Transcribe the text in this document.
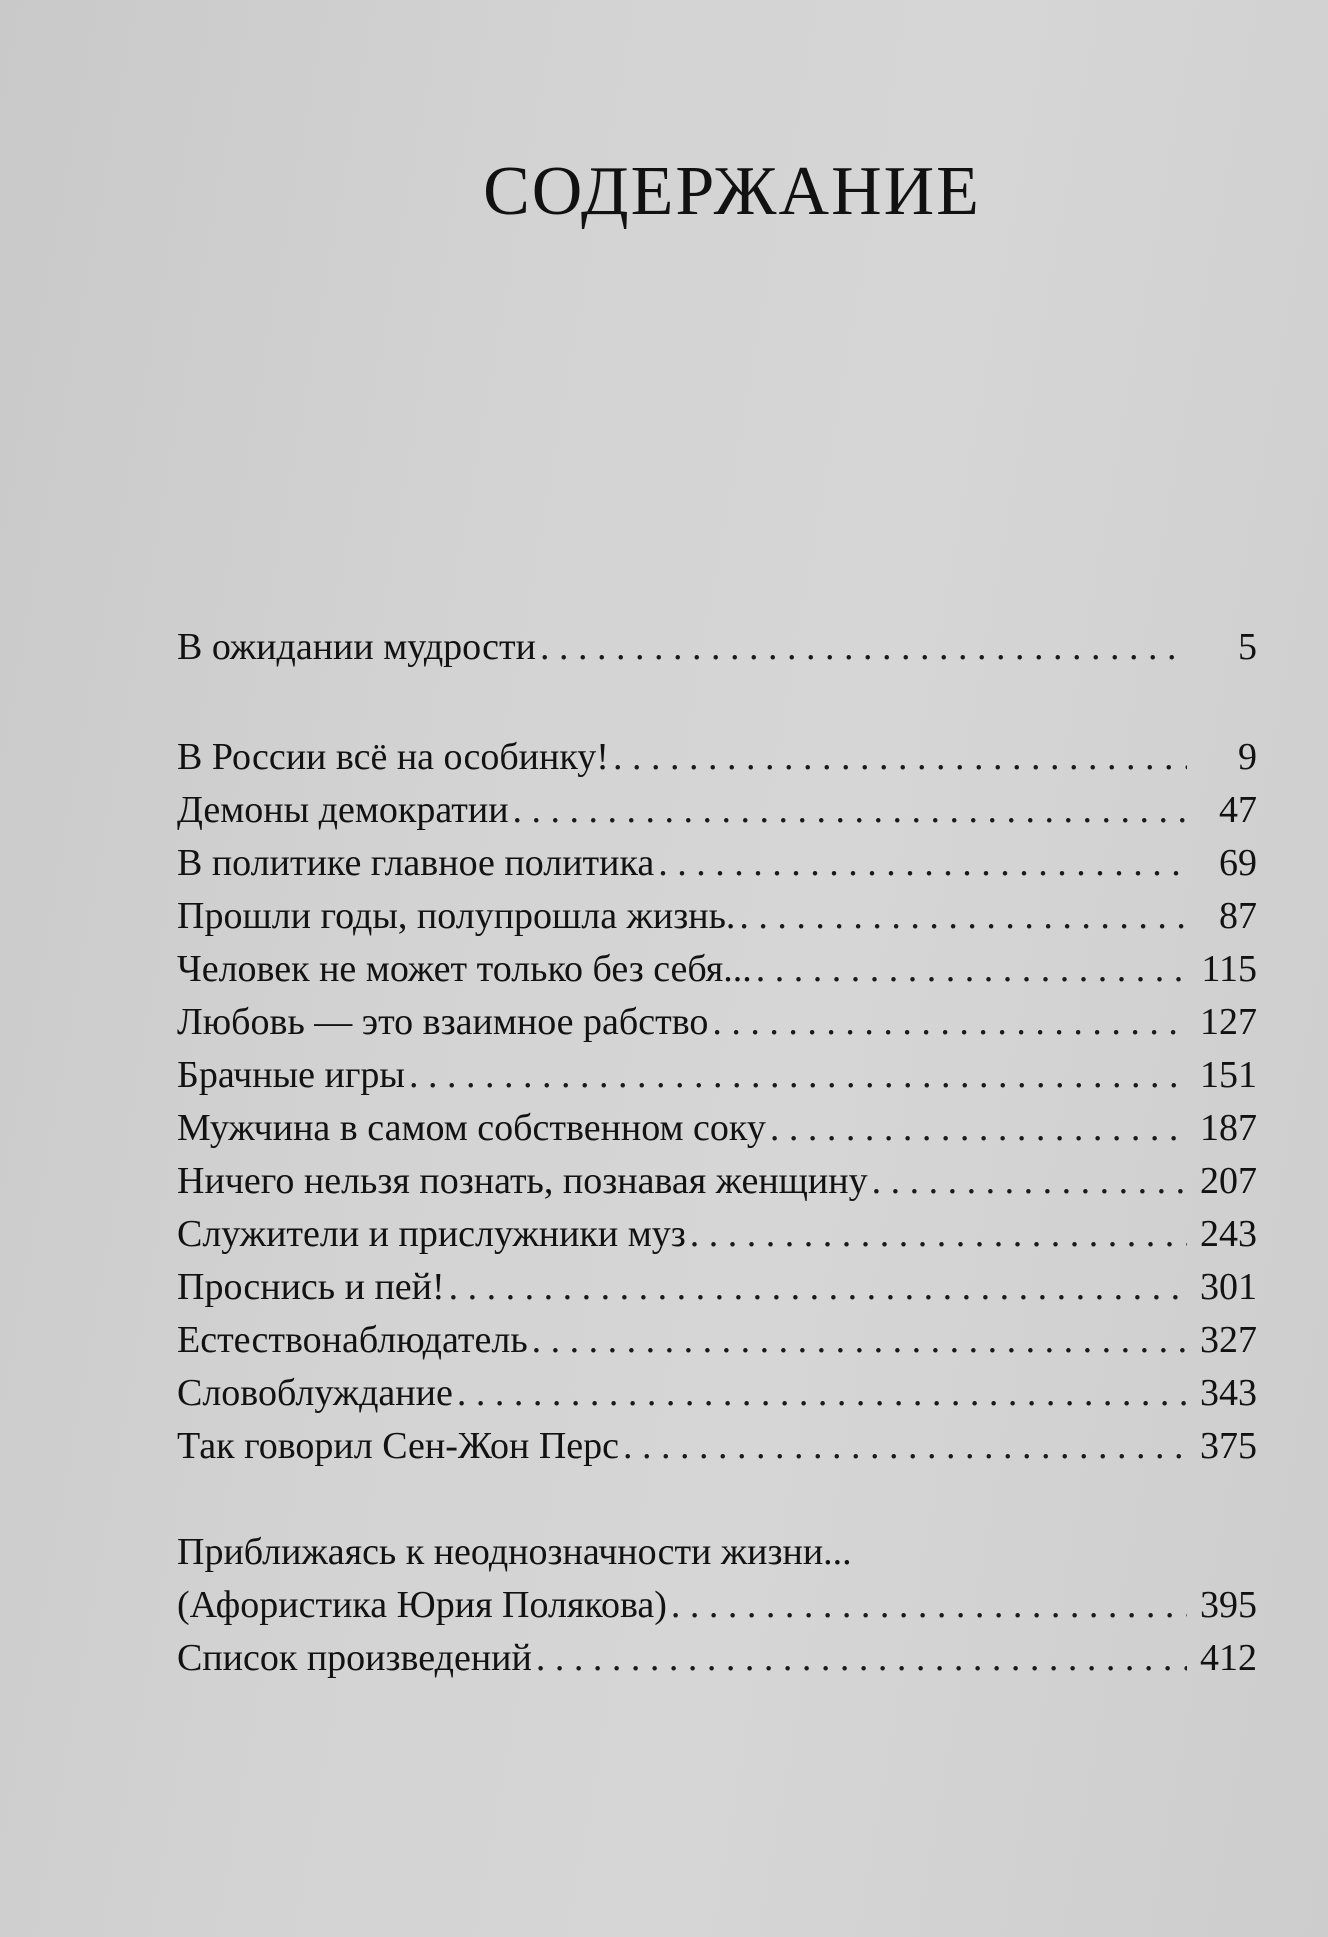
СОДЕРЖАНИЕ
В ожидании мудрости . . .	5
В России всё на особинку! . . .	9
Демоны демократии . . .	47
В политике главное политика . . .	69
Прошли годы, полупрошла жизнь. . . .	87
Человек не может только без себя... . . .	115
Любовь — это взаимное рабство . . .	127
Брачные игры . . .	151
Мужчина в самом собственном соку . . .	187
Ничего нельзя познать, познавая женщину . . .	207
Служители и прислужники муз . . .	243
Проснись и пей! . . .	301
Естествонаблюдатель . . .	327
Словоблуждание . . .	343
Так говорил Сен-Жон Перс . . .	375
Приближаясь к неоднозначности жизни...
(Афористика Юрия Полякова) . . .	395
Список произведений . . .	412
